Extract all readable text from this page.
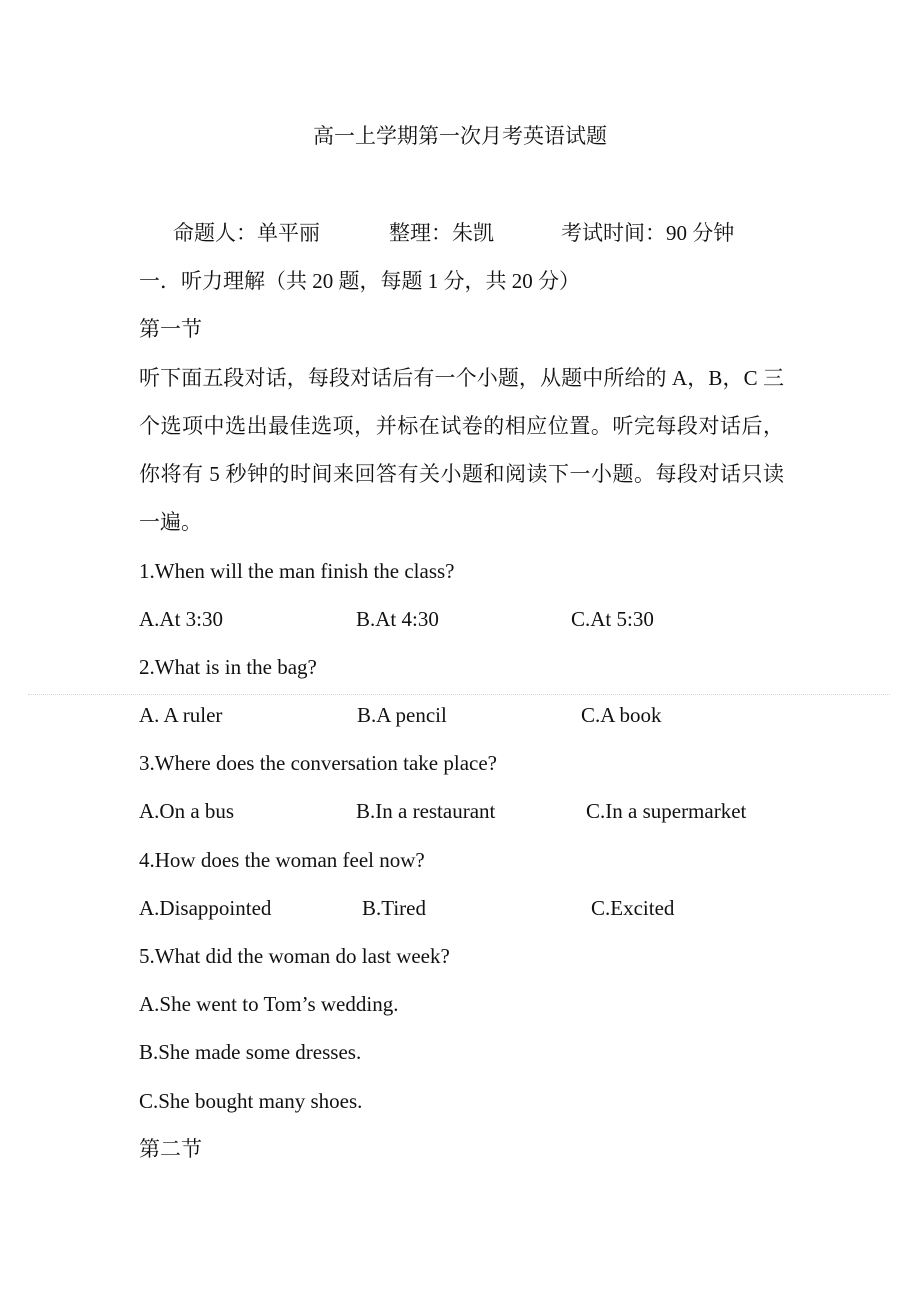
高一上学期第一次月考英语试题
命题人：单平丽	整理：朱凯	考试时间：90 分钟
一．听力理解（共 20 题，每题 1 分，共 20 分）
第一节
听下面五段对话，每段对话后有一个小题，从题中所给的 A，B，C 三个选项中选出最佳选项，并标在试卷的相应位置。听完每段对话后，你将有 5 秒钟的时间来回答有关小题和阅读下一小题。每段对话只读一遍。
1.When will the man finish the class?
A.At 3:30	B.At 4:30	C.At 5:30
2.What is in the bag?
A. A ruler	B.A pencil	C.A book
3.Where does the conversation take place?
A.On a bus	B.In a restaurant	C.In a supermarket
4.How does the woman feel now?
A.Disappointed	B.Tired	C.Excited
5.What did the woman do last week?
A.She went to Tom’s wedding.
B.She made some dresses.
C.She bought many shoes.
第二节
